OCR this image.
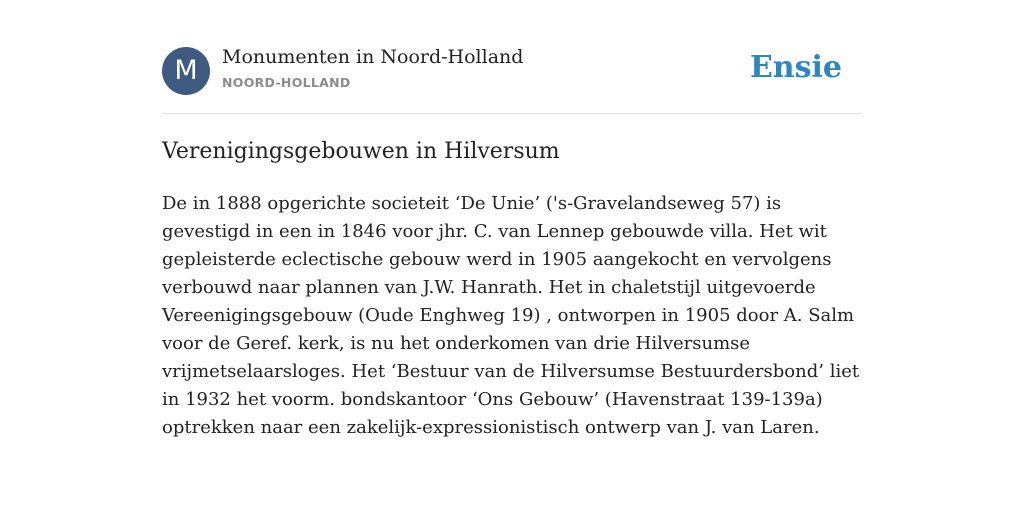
M	Monumenten in Noord-Holland
NOORD-HOLLAND	Ensie
Verenigingsgebouwen in Hilversum

De in 1888 opgerichte societeit ‘De Unie’ ('s-Gravelandseweg 57) is gevestigd in een in 1846 voor jhr. C. van Lennep gebouwde villa. Het wit gepleisterde eclectische gebouw werd in 1905 aangekocht en vervolgens verbouwd naar plannen van J.W. Hanrath. Het in chaletstijl uitgevoerde Vereenigingsgebouw (Oude Enghweg 19) , ontworpen in 1905 door A. Salm voor de Geref. kerk, is nu het onderkomen van drie Hilversumse vrijmetselaarsloges. Het ‘Bestuur van de Hilversumse Bestuurdersbond’ liet in 1932 het voorm. bondskantoor ‘Ons Gebouw’ (Havenstraat 139-139a) optrekken naar een zakelijk-expressionistisch ontwerp van J. van Laren.
